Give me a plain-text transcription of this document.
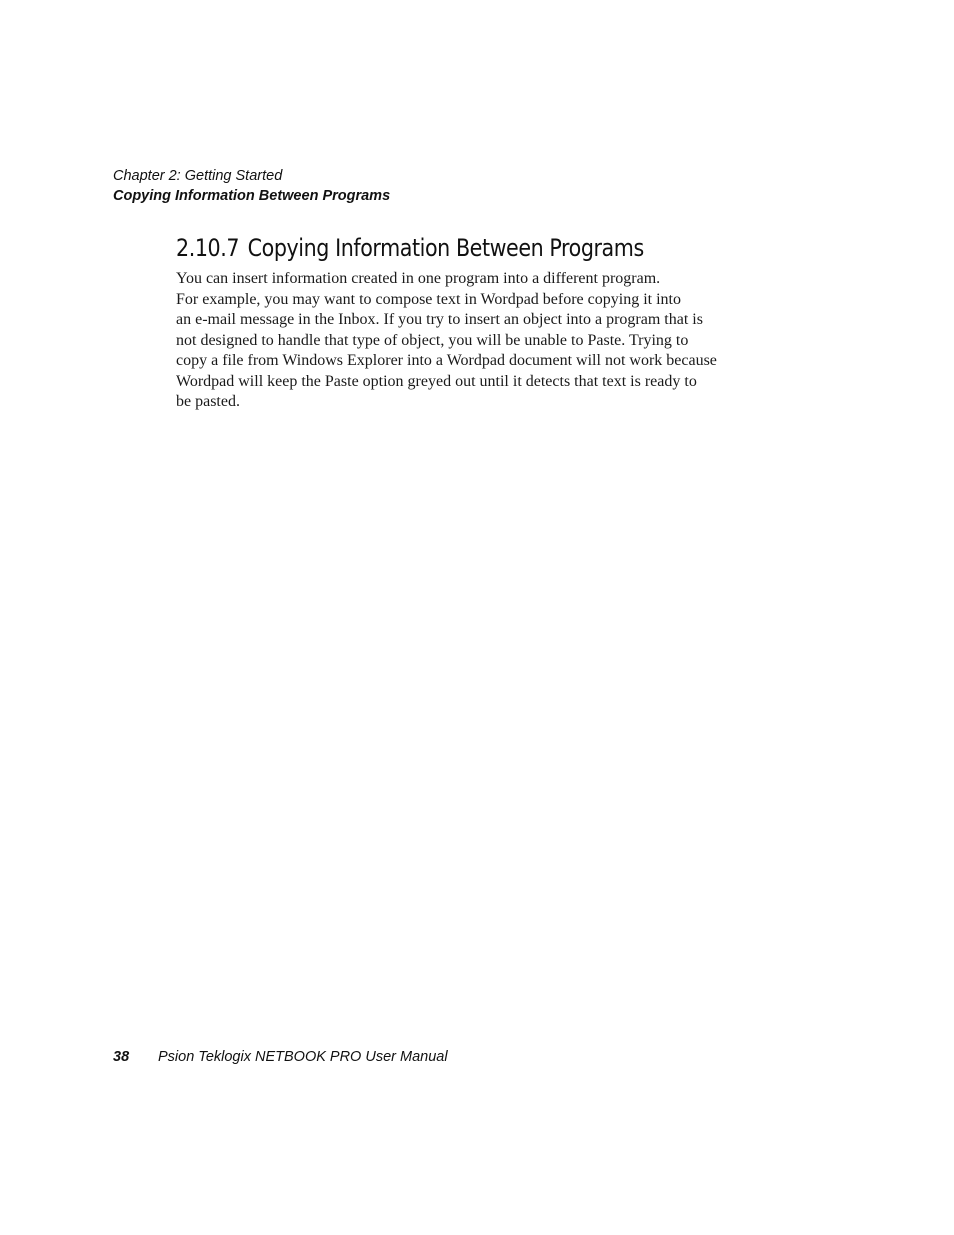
Chapter 2: Getting Started
Copying Information Between Programs
2.10.7 Copying Information Between Programs
You can insert information created in one program into a different program.
For example, you may want to compose text in Wordpad before copying it into
an e-mail message in the Inbox. If you try to insert an object into a program that is
not designed to handle that type of object, you will be unable to Paste. Trying to
copy a file from Windows Explorer into a Wordpad document will not work because
Wordpad will keep the Paste option greyed out until it detects that text is ready to
be pasted.
38 Psion Teklogix NETBOOK PRO User Manual
